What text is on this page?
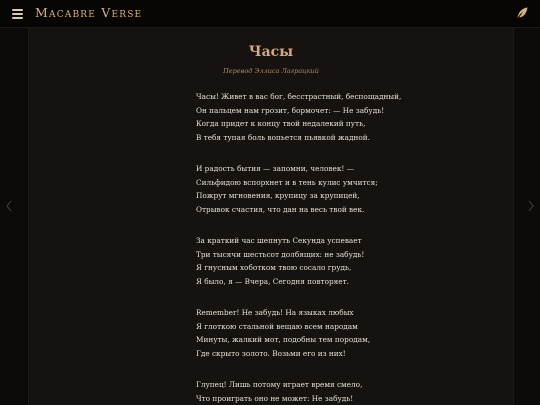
Macabre Verse
Часы
Перевод Эллиса Лаграцкий
Часы! Живет в вас бог, бесстрастный, беспощадный,
Он пальцем нам грозит, бормочет: — Не забудь!
Когда придет к концу твой недалекий путь,
В тебя тупая боль вопьется пьявкой жадной.
И радость бытия — запомни, человек! —
Сильфидою вспорхнет и в тень кулис умчится;
Пожрут мгновения, крупицу за крупицей,
Отрывок счастия, что дан на весь твой век.
За краткий час шепнуть Секунда успевает
Три тысячи шестьсот долбящих: не забудь!
Я гнусным хоботком твою сосало грудь,
Я было, я — Вчера, Сегодня повторяет.
Remember! Не забудь! На языках любых
Я глоткою стальной вещаю всем народам
Минуты, жалкий мот, подобны тем породам,
Где скрыто золото. Возьми его из них!
Глупец! Лишь потому играет время смело,
Что проиграть оно не может: Не забудь!
